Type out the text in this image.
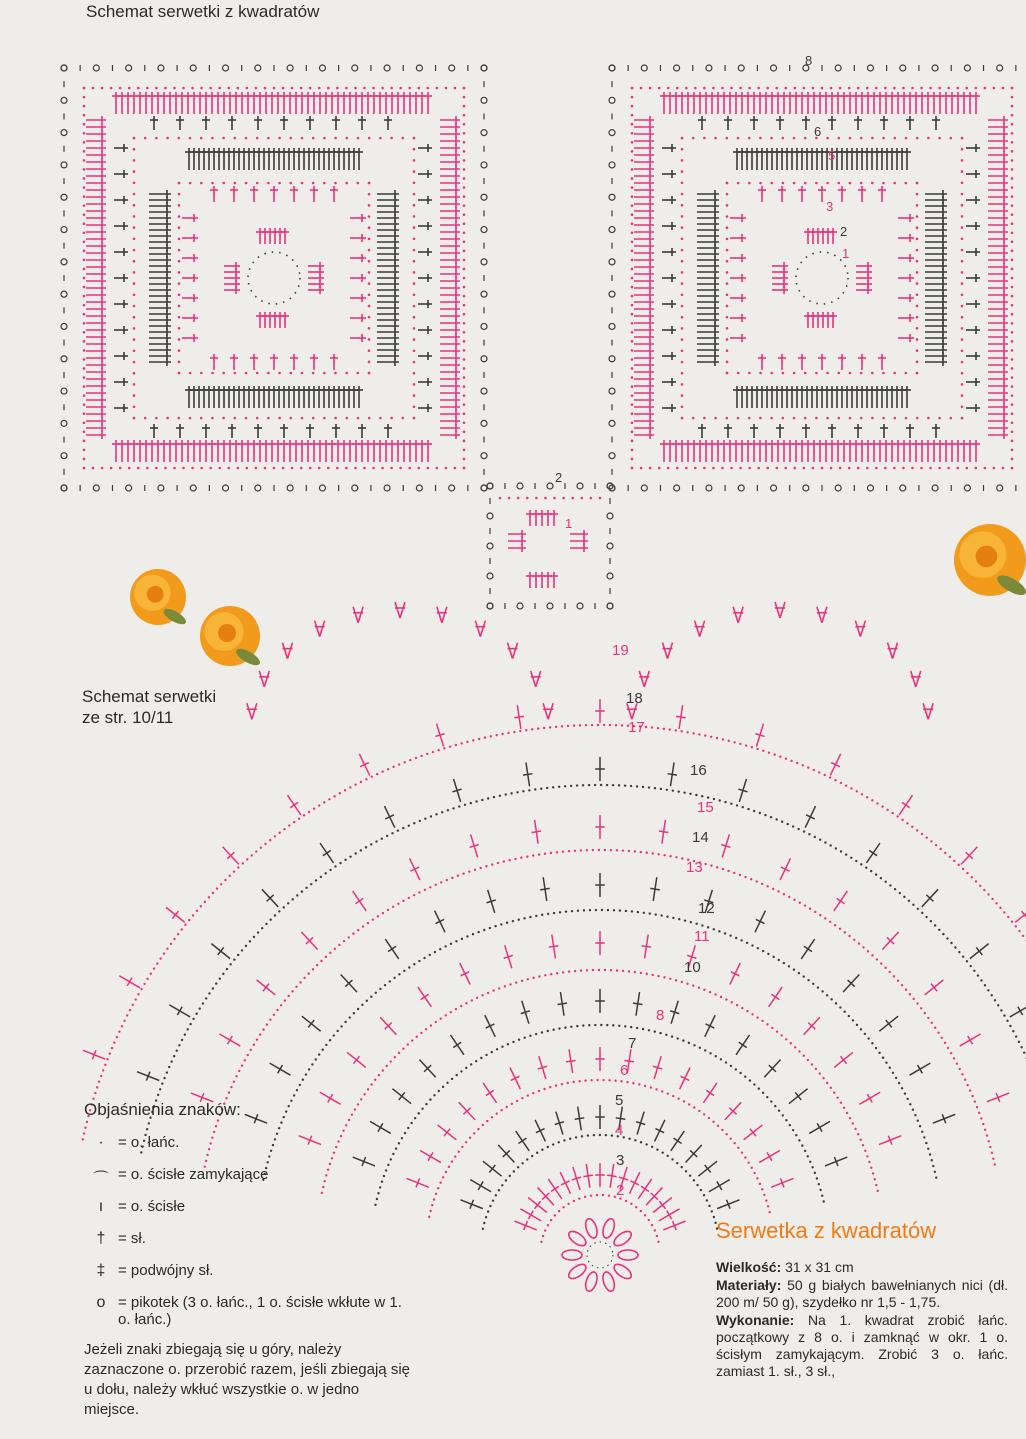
Schemat serwetki z kwadratów
8
6
5
3
2
1
2
1
19
18
17
16
15
14
13
12
11
10
8
7
6
5
4
3
2
Schemat serwetki
ze str. 10/11
Objaśnienia znaków:
· = o. łańc.
⌒ = o. ścisłe zamykające
ı = o. ścisłe
† = sł.
‡ = podwójny sł.
o = pikotek (3 o. łańc., 1 o. ścisłe wkłute w 1. o. łańc.)
Jeżeli znaki zbiegają się u góry, należy zaznaczone o. przerobić razem, jeśli zbiegają się u dołu, należy wkłuć wszystkie o. w jedno miejsce.
Serwetka z kwadratów

Wielkość: 31 x 31 cm

Materiały: 50 g białych bawełnianych nici (dł. 200 m/ 50 g), szydełko nr 1,5 - 1,75.

Wykonanie: Na 1. kwadrat zrobić łańc. początkowy z 8 o. i zamknąć w okr. 1 o. ścisłym zamykającym. Zrobić 3 o. łańc. zamiast 1. sł., 3 sł.,
